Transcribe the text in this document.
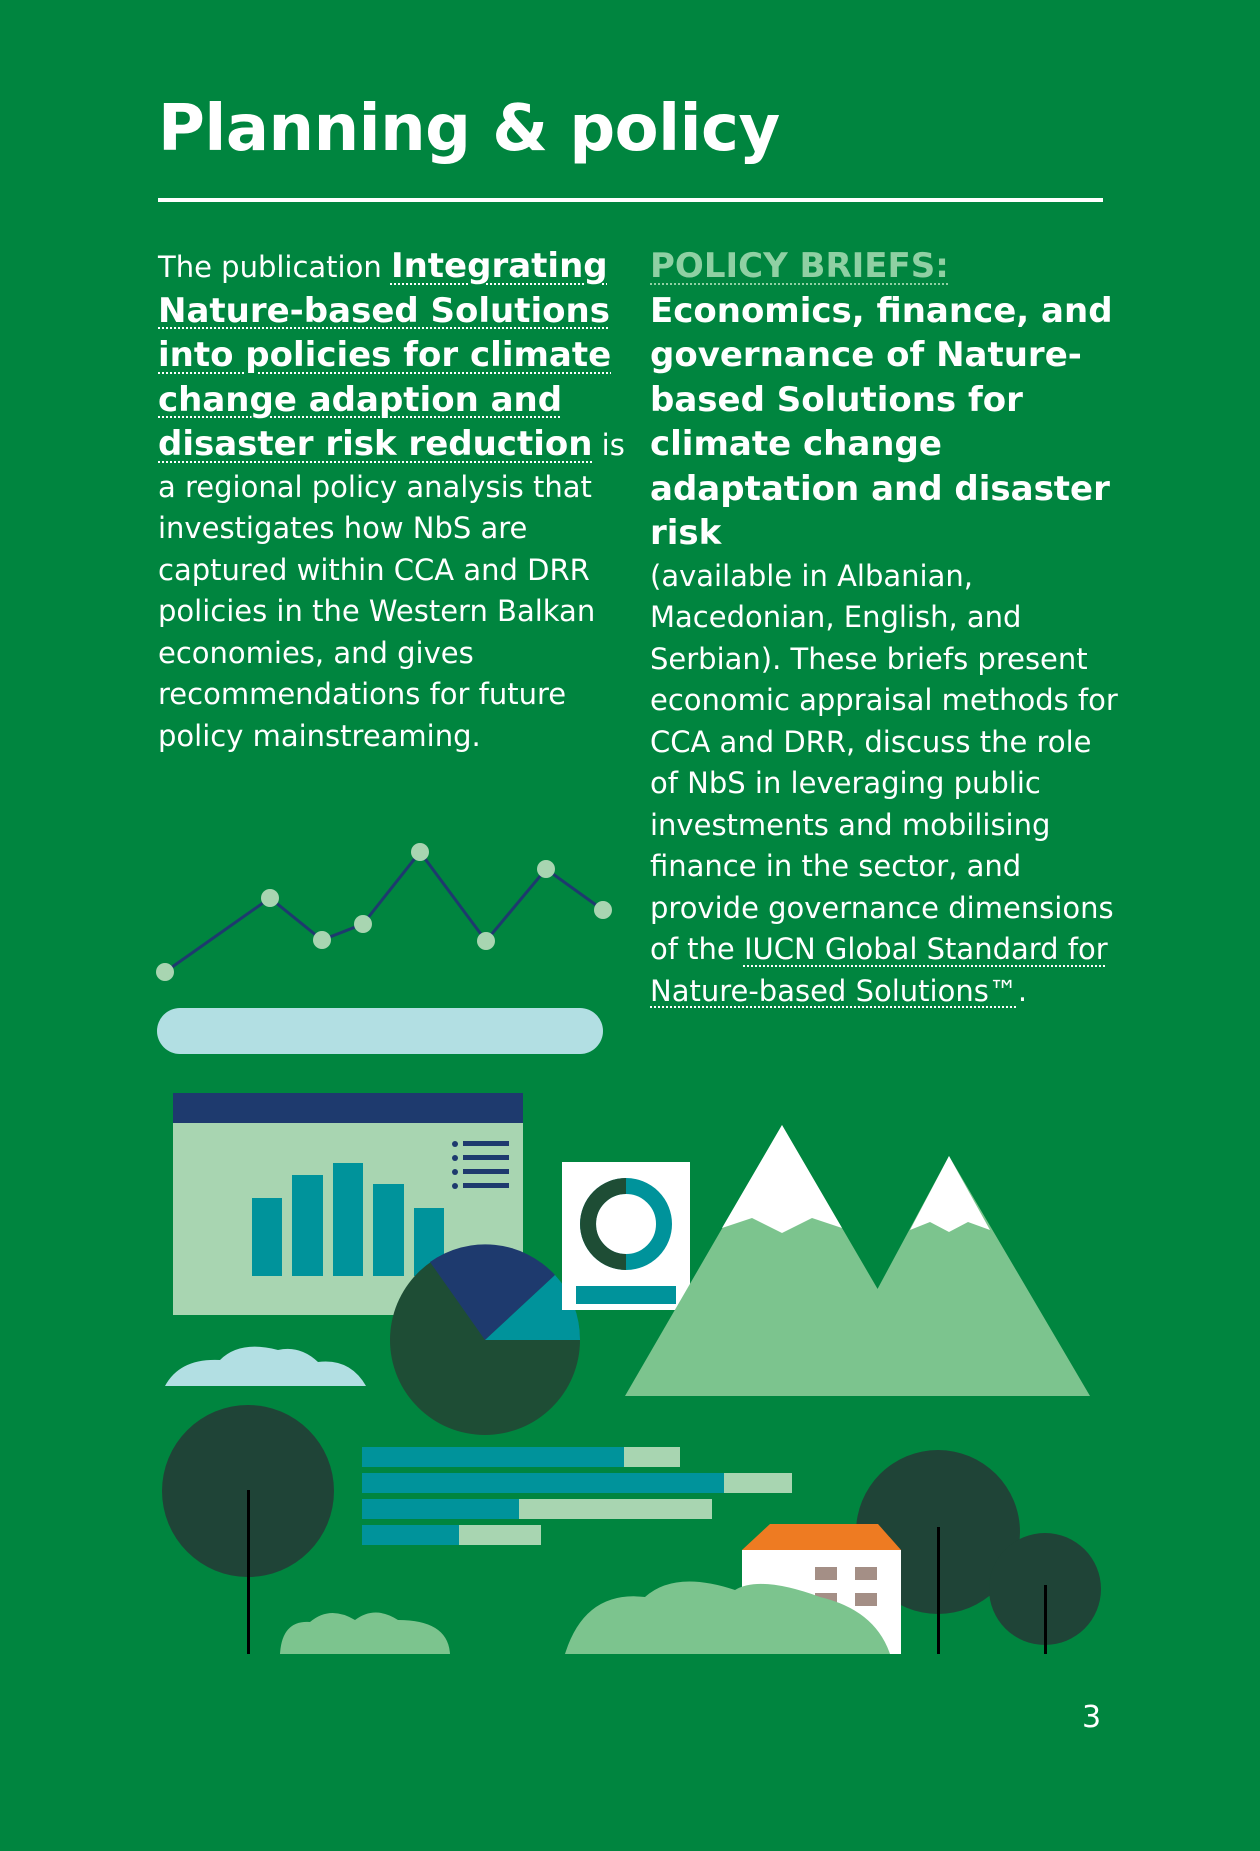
Planning & policy
The publication Integrating Nature-based Solutions into policies for climate change adaption and disaster risk reduction is a regional policy analysis that investigates how NbS are captured within CCA and DRR policies in the Western Balkan economies, and gives recommendations for future policy mainstreaming.
POLICY BRIEFS:
Economics, finance, and governance of Nature-based Solutions for climate change adaptation and disaster risk
(available in Albanian, Macedonian, English, and Serbian). These briefs present economic appraisal methods for CCA and DRR, discuss the role of NbS in leveraging public investments and mobilising finance in the sector, and provide governance dimensions of the IUCN Global Standard for Nature-based Solutions™.
3
